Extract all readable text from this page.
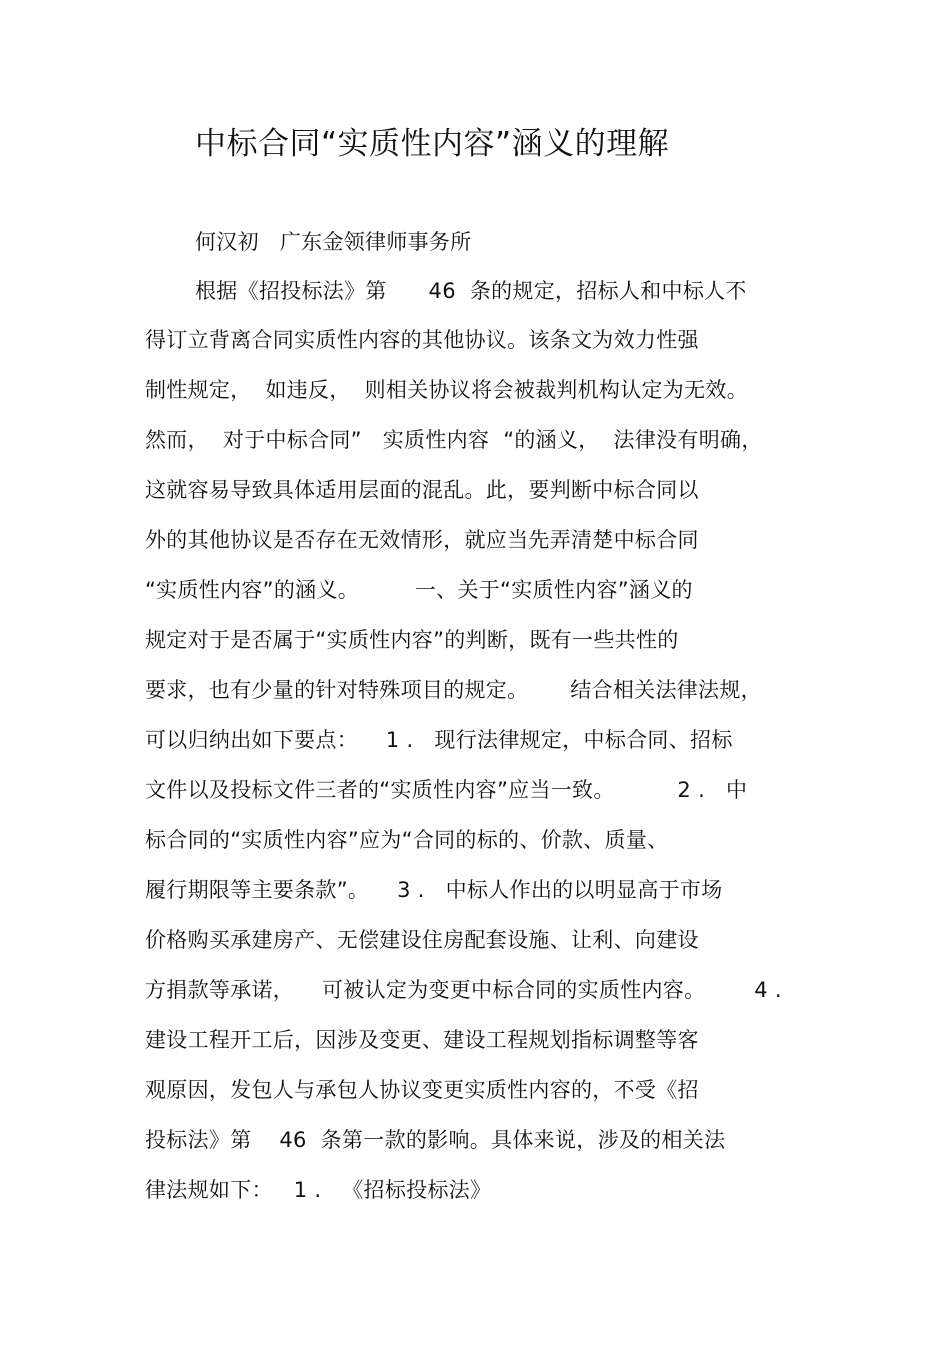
中标合同“实质性内容”涵义的理解
何汉初   广东金领律师事务所
根据《招投标法》第      46  条的规定，招标人和中标人不
得订立背离合同实质性内容的其他协议。该条文为效力性强
制性规定，  如违反，  则相关协议将会被裁判机构认定为无效。
然而，  对于中标合同”   实质性内容  “的涵义，  法律没有明确，
这就容易导致具体适用层面的混乱。此，要判断中标合同以
外的其他协议是否存在无效情形，就应当先弄清楚中标合同
“实质性内容”的涵义。        一、关于“实质性内容”涵义的
规定对于是否属于“实质性内容”的判断，既有一些共性的
要求，也有少量的针对特殊项目的规定。      结合相关法律法规，
可以归纳出如下要点：    1 .   现行法律规定，中标合同、招标
文件以及投标文件三者的“实质性内容”应当一致。         2 .   中
标合同的“实质性内容”应为“合同的标的、价款、质量、
履行期限等主要条款”。    3 .   中标人作出的以明显高于市场
价格购买承建房产、无偿建设住房配套设施、让利、向建设
方捐款等承诺，    可被认定为变更中标合同的实质性内容。       4 .
建设工程开工后，因涉及变更、建设工程规划指标调整等客
观原因，发包人与承包人协议变更实质性内容的，不受《招
投标法》第    46  条第一款的影响。具体来说，涉及的相关法
律法规如下：   1 .   《招标投标法》
